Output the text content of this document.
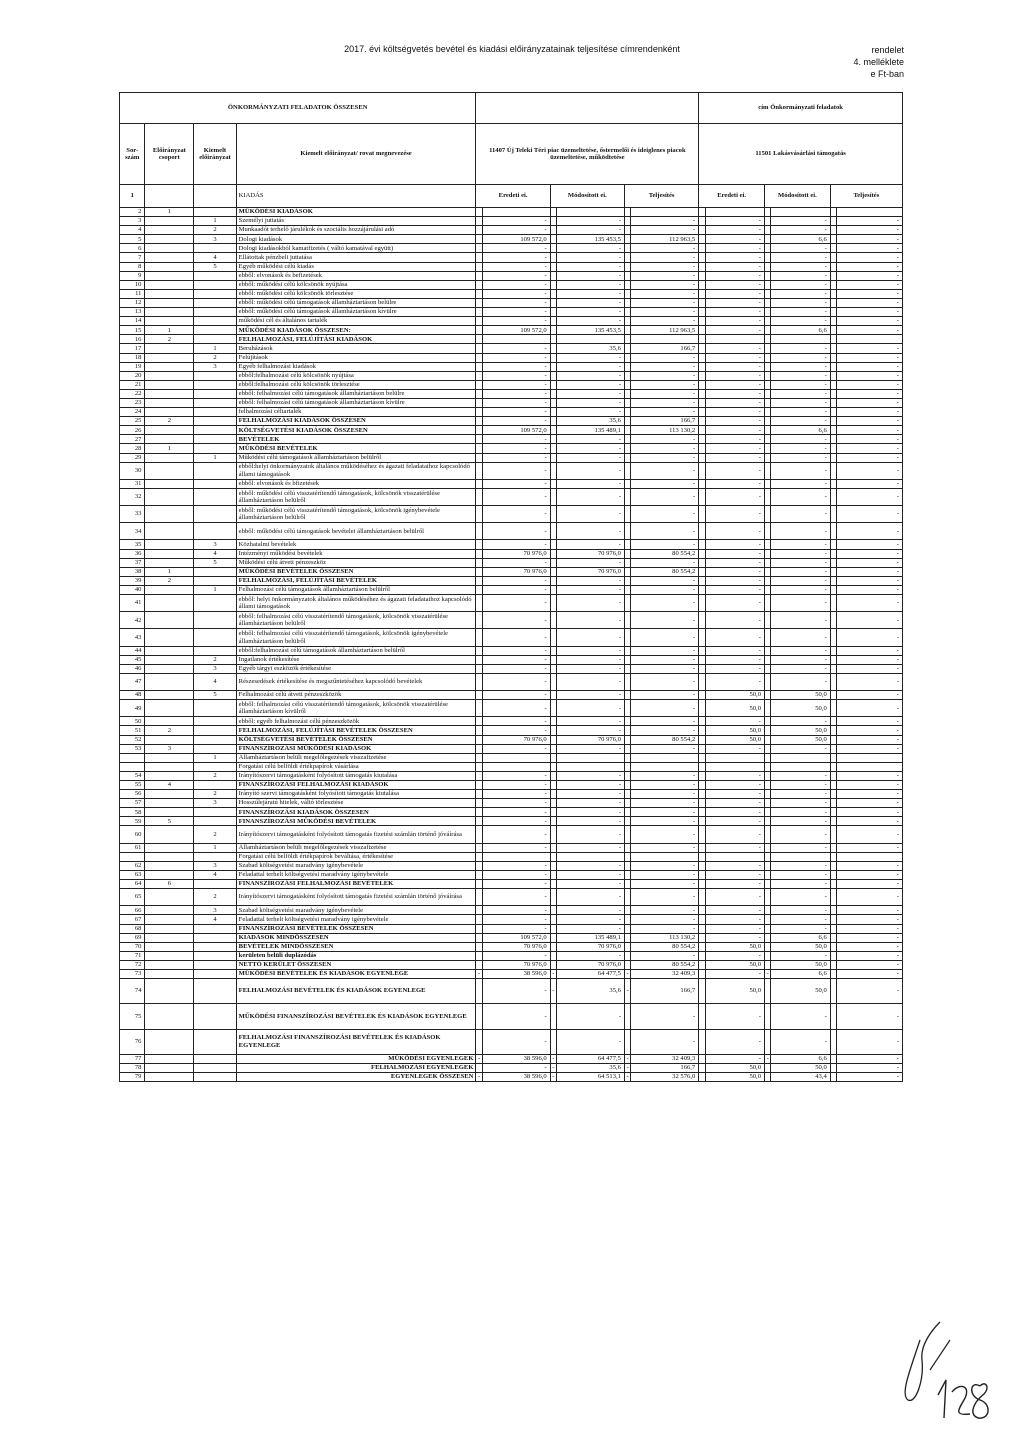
2017. évi költségvetés bevétel és kiadási előirányzatainak teljesítése címrendenként	rendelet
4. melléklete
e Ft-ban
ÖNKORMÁNYZATI FELADATOK ÖSSZESEN										cím Önkormányzati feladatok					
Sor-szám	Előirányzat csoport	Kiemelt előirányzat	Kiemelt előirányzat/ rovat megnevezése	11407 Új Teleki Téri piac üzemeltetése, őstermelői és ideiglenes piacok üzemeltetése, működtetése						11501 Lakásvásárlási támogatás					
1			KIADÁS	Eredeti ei.		Módosított ei.		Teljesítés		Eredeti ei.		Módosított ei.		Teljesítés	
2	1		MŰKÖDÉSI KIADÁSOK												
3		1	Személyi juttatás		-		-		-		-		-		-
4		2	Munkaadót terhelő járulékok és szociális hozzájárulási adó		-		-		-		-		-		-
5		3	Dologi kiadások		109 572,0		135 453,5		112 963,5		-		6,6		-
6			Dologi kiadásokból kamatfizetés ( váltó kamatával együtt)		-		-		-		-		-		-
7		4	Ellátottak pénzbeli juttatása		-		-		-		-		-		-
8		5	Egyéb működési célú kiadás		-		-		-		-		-		-
9			ebből: elvonások és befizetések		-		-		-		-		-		-
10			ebből: működési célú kölcsönök nyújtása		-		-		-		-		-		-
11			ebből: működési célú kölcsönök törlesztése		-		-		-		-		-		-
12			ebből: működési célú támogatások államháztartáson belülre		-		-		-		-		-		-
13			ebből: működési célú támogatások államháztartáson kívülre		-		-		-		-		-		-
14			működési cél és általános tartalék		-		-		-		-		-		-
15	1		MŰKÖDÉSI KIADÁSOK ÖSSZESEN:		109 572,0		135 453,5		112 963,5		-		6,6		-
16	2		FELHALMOZÁSI, FELÚJÍTÁSI KIADÁSOK												
17		1	Beruházások		-		35,6		166,7		-		-		-
18		2	Felújítások		-		-		-		-		-		-
19		3	Egyéb felhalmozási kiadások		-		-		-		-		-		-
20			ebből:felhalmozási célú kölcsönök nyújtása		-		-		-		-		-		-
21			ebből:felhalmozási célú kölcsönök törlesztése		-		-		-		-		-		-
22			ebből: felhalmozási célú támogatások államháztartáson belülre		-		-		-		-		-		-
23			ebből: felhalmozási célú támogatások államháztartáson kívülre		-		-		-		-		-		-
24			felhalmozási céltartalék		-		-		-		-		-		-
25	2		FELHALMOZÁSI KIADÁSOK ÖSSZESEN		-		35,6		166,7		-		-		-
26			KÖLTSÉGVETÉSI KIADÁSOK ÖSSZESEN		109 572,0		135 489,1		113 130,2		-		6,6		-
27			BEVÉTELEK		-		-		-		-		-		-
28	1		MŰKÖDÉSI BEVÉTELEK		-		-		-		-		-		-
29		1	Működési célú támogatások államháztartáson belülről		-		-		-		-		-		-
30			ebből:helyi önkormányzatok általános működéséhez és ágazati feladataihoz kapcsolódó állami támogatások		-		-		-		-		-		-
31			ebből: elvonások és bfizetések		-		-		-		-		-		-
32			ebből: működési célú visszatérítendő támogatások, kölcsönök visszatérülése államháztartáson belülről		-		-		-		-		-		-
33			ebből: működési célú visszatérítendő támogatások, kölcsönök igénybevétele államháztartáson belülről		-		-		-		-		-		-
34			ebből: működési célú támogatások bevételei államháztartáson belülről		-		-		-		-		-		-
35		3	Közhatalmi bevételek		-		-		-		-		-		-
36		4	Intézményi működési bevételek		70 976,0		70 976,0		80 554,2		-		-		-
37		5	Működési célú átvett pénzeszköz		-		-		-		-		-		-
38	1		MŰKÖDÉSI BEVÉTELEK ÖSSZESEN		70 976,0		70 976,0		80 554,2		-		-		-
39	2		FELHALMOZÁSI, FELÚJÍTÁSI BEVÉTELEK		-		-		-		-		-		-
40		1	Felhalmozási célú támogatások államháztartáson belülről		-		-		-		-		-		-
41			ebből: helyi önkormányzatok általános működéséhez és ágazati feladataihoz kapcsolódó állami támogatások		-		-		-		-		-		-
42			ebből: felhalmozási célú visszatérítendő támogatások, kölcsönök visszatérülése államháztartáson belülről		-		-		-		-		-		-
43			ebből: felhalmozási célú visszatérítendő támogatások, kölcsönök igénybevétele államháztartáson belülről		-		-		-		-		-		-
44			ebből:felhalmozási célú támogatások államháztartáson belülről		-		-		-		-		-		-
45		2	Ingatlanok értékesítése		-		-		-		-		-		-
46		3	Egyéb tárgyi eszközök értékesítése		-		-		-		-		-		-
47		4	Részesedések értékesítése és megszűntetéséhez kapcsolódó bevételek		-		-		-		-		-		-
48		5	Felhalmozási célú átvett pénzeszközök		-		-		-		50,0		50,0		-
49			ebből: felhalmozási célú visszatérítendő támogatások, kölcsönök visszatérülése államháztartáson kívülről		-		-		-		50,0		50,0		-
50			ebből: egyéb felhalmozási célú pénzeszközök		-		-		-		-		-		-
51	2		FELHALMOZÁSI, FELÚJÍTÁSI BEVÉTELEK ÖSSZESEN		-		-		-		50,0		50,0		-
52			KÖLTSÉGVETÉSI BEVÉTELEK ÖSSZESEN		70 976,0		70 976,0		80 554,2		50,0		50,0		-
53	3		FINANSZÍROZÁSI MŰKÖDÉSI KIADÁSOK		-		-		-		-		-		-
		1	Államháztartáson belüli megelőlegezések visszafizetése												
			Forgatási célú belföldi értékpapírok vásárlása												
54		2	Irányítószervi támogatásként folyósított támogatás kiutalása		-		-		-		-		-		-
55	4		FINANSZÍROZÁSI FELHALMOZÁSI KIADÁSOK		-		-		-		-		-		-
56		2	Irányító szervi támogatásként folyósított támogatás kiutalása		-		-		-		-		-		-
57		3	Hosszúlejáratú hitelek, váltó törlesztése		-		-		-		-		-		-
58			FINANSZÍROZÁSI KIADÁSOK ÖSSZESEN		-		-		-		-		-		-
59	5		FINANSZÍROZÁSI MŰKÖDÉSI BEVÉTELEK		-		-		-		-		-		-
60		2	Irányítószervi támogatásként folyósított támogatás fizetési számlán történő jóváírása		-		-		-		-		-		-
61		1	Államháztartáson belüli megelőlegezések visszafizetése		-		-		-		-		-		-
			Forgatási célú belföldi értékpapírok beváltása, értékesítése												
62		3	Szabad költségvetési maradvány igénybevétele		-		-		-		-		-		-
63		4	Feladattal terhelt költségvetési maradvány igénybevétele		-		-		-		-		-		-
64	6		FINANSZÍROZÁSI FELHALMOZÁSI BEVÉTELEK		-		-		-		-		-		-
65		2	Irányítószervi támogatásként folyósított támogatás fizetési számlán történő jóváírása		-		-		-		-		-		-
66		3	Szabad költségvetési maradvány igénybevétele		-		-		-		-		-		-
67		4	Feladattal terhelt költségvetési maradvány igénybevétele		-		-		-		-		-		-
68			FINANSZÍROZÁSI BEVÉTELEK ÖSSZESEN		-		-		-		-		-		-
69			KIADÁSOK MINDÖSSZESEN		109 572,0		135 489,1		113 130,2		-		6,6		-
70			BEVÉTELEK MINDÖSSZESEN		70 976,0		70 976,0		80 554,2		50,0		50,0		-
71			kerületen belüli duplázódás		-		-		-		-		-		-
72			NETTÓ KERÜLET ÖSSZESEN		70 976,0		70 976,0		80 554,2		50,0		50,0		-
73			MŰKÖDÉSI BEVÉTELEK ÉS KIADÁSOK EGYENLEGE	-	38 596,0	-	64 477,5	-	32 409,3		-	-	6,6		-
74			FELHALMOZÁSI BEVÉTELEK ÉS KIADÁSOK EGYENLEGE		-	-	35,6	-	166,7		50,0		50,0		-
75			MŰKÖDÉSI FINANSZÍROZÁSI BEVÉTELEK ÉS KIADÁSOK EGYENLEGE		-		-		-		-		-		-
76			FELHALMOZÁSI FINANSZÍROZÁSI BEVÉTELEK ÉS KIADÁSOK EGYENLEGE		-		-		-		-		-		-
77			MŰKÖDÉSI EGYENLEGEK	-	38 596,0	-	64 477,5	-	32 409,3		-	-	6,6		-
78			FELHALMOZÁSI EGYENLEGEK		-	-	35,6	-	166,7		50,0		50,0		-
79			EGYENLEGEK ÖSSZESEN	-	38 596,0	-	64 513,1	-	32 576,0		50,0		43,4		-
